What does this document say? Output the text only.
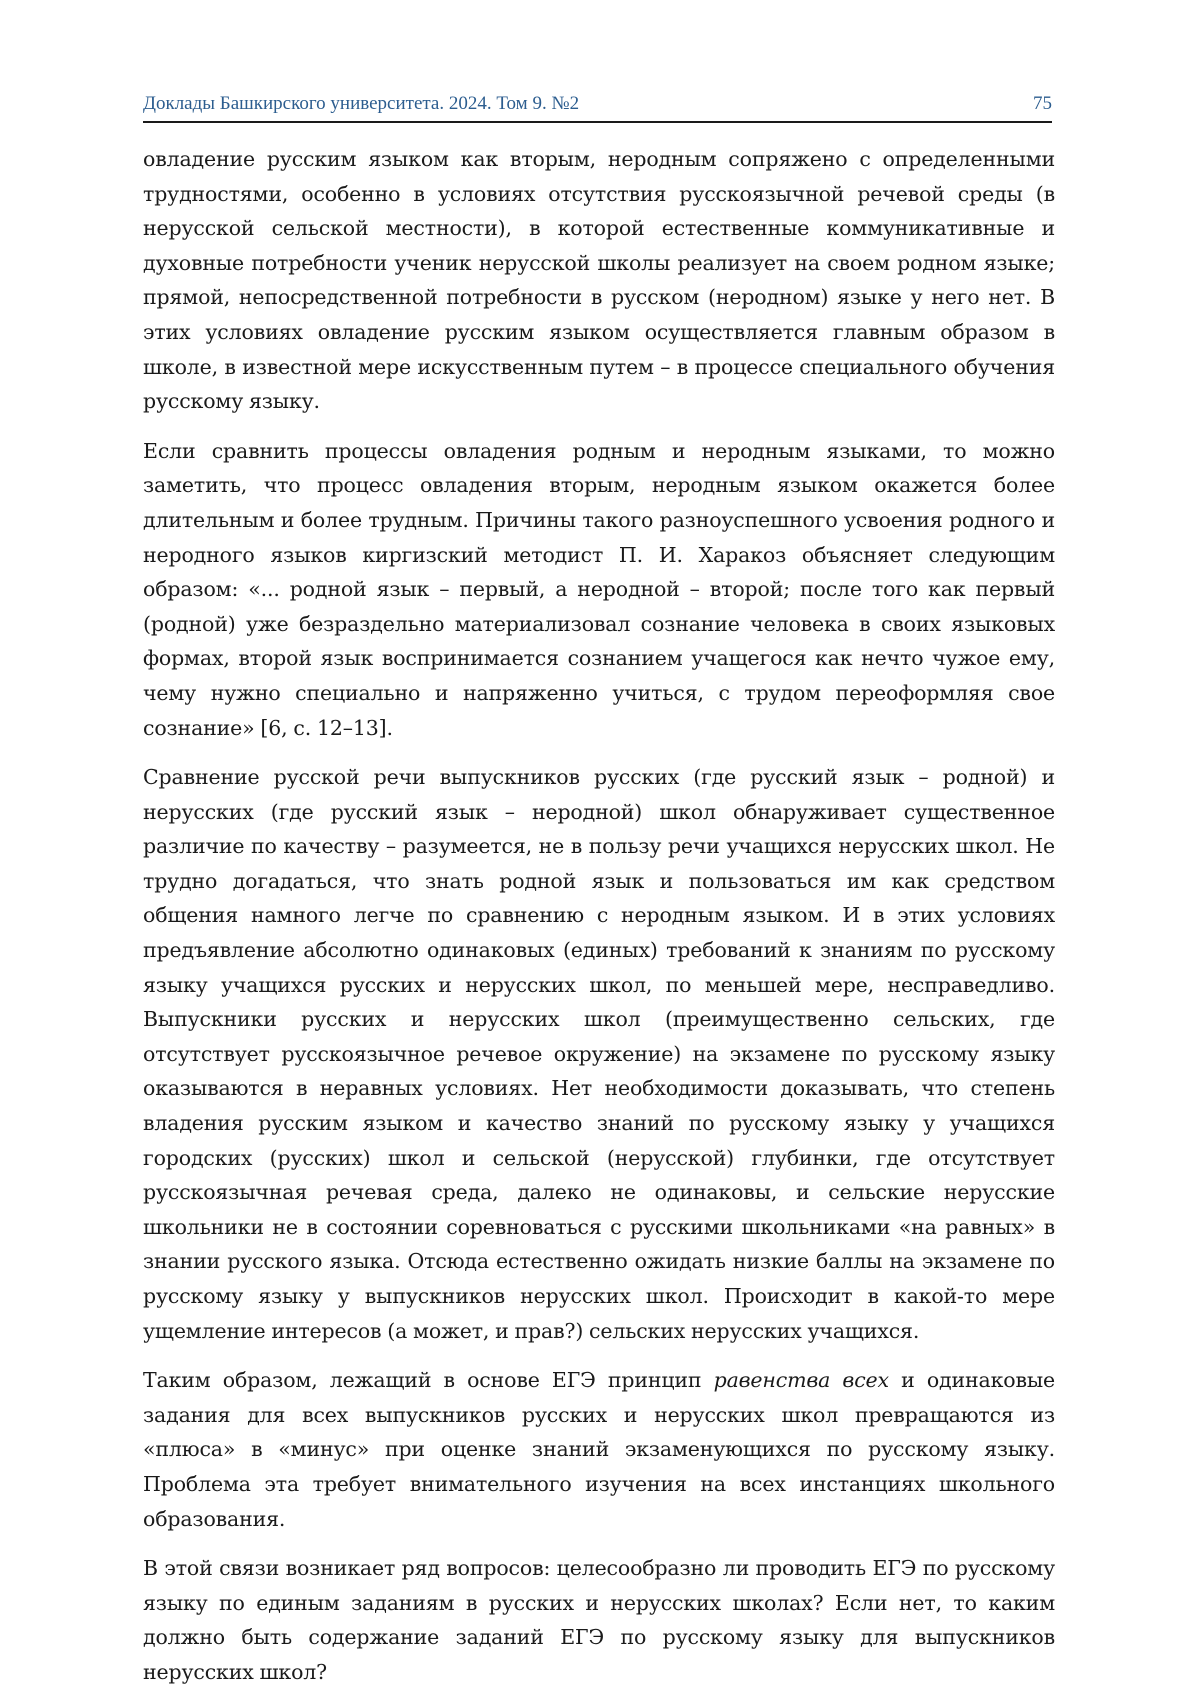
Доклады Башкирского университета. 2024. Том 9. №2	75

овладение русским языком как вторым, неродным сопряжено с определенными трудностями, особенно в условиях отсутствия русскоязычной речевой среды (в нерусской сельской местности), в которой естественные коммуникативные и духовные потребности ученик нерусской школы реализует на своем родном языке; прямой, непосредственной потребности в русском (неродном) языке у него нет. В этих условиях овладение русским языком осуществляется главным образом в школе, в известной мере искусственным путем – в процессе специального обучения русскому языку.

Если сравнить процессы овладения родным и неродным языками, то можно заметить, что процесс овладения вторым, неродным языком окажется более длительным и более трудным. Причины такого разноуспешного усвоения родного и неродного языков киргизский методист П. И. Харакоз объясняет следующим образом: «... родной язык – первый, а неродной – второй; после того как первый (родной) уже безраздельно материализовал сознание человека в своих языковых формах, второй язык воспринимается сознанием учащегося как нечто чужое ему, чему нужно специально и напряженно учиться, с трудом переоформляя свое сознание» [6, с. 12–13].

Сравнение русской речи выпускников русских (где русский язык – родной) и нерусских (где русский язык – неродной) школ обнаруживает существенное различие по качеству – разумеется, не в пользу речи учащихся нерусских школ. Не трудно догадаться, что знать родной язык и пользоваться им как средством общения намного легче по сравнению с неродным языком. И в этих условиях предъявление абсолютно одинаковых (единых) требований к знаниям по русскому языку учащихся русских и нерусских школ, по меньшей мере, несправедливо. Выпускники русских и нерусских школ (преимущественно сельских, где отсутствует русскоязычное речевое окружение) на экзамене по русскому языку оказываются в неравных условиях. Нет необходимости доказывать, что степень владения русским языком и качество знаний по русскому языку у учащихся городских (русских) школ и сельской (нерусской) глубинки, где отсутствует русскоязычная речевая среда, далеко не одинаковы, и сельские нерусские школьники не в состоянии соревноваться с русскими школьниками «на равных» в знании русского языка. Отсюда естественно ожидать низкие баллы на экзамене по русскому языку у выпускников нерусских школ. Происходит в какой-то мере ущемление интересов (а может, и прав?) сельских нерусских учащихся.

Таким образом, лежащий в основе ЕГЭ принцип равенства всех и одинаковые задания для всех выпускников русских и нерусских школ превращаются из «плюса» в «минус» при оценке знаний экзаменующихся по русскому языку. Проблема эта требует внимательного изучения на всех инстанциях школьного образования.

В этой связи возникает ряд вопросов: целесообразно ли проводить ЕГЭ по русскому языку по единым заданиям в русских и нерусских школах? Если нет, то каким должно быть содержание заданий ЕГЭ по русскому языку для выпускников нерусских школ?
